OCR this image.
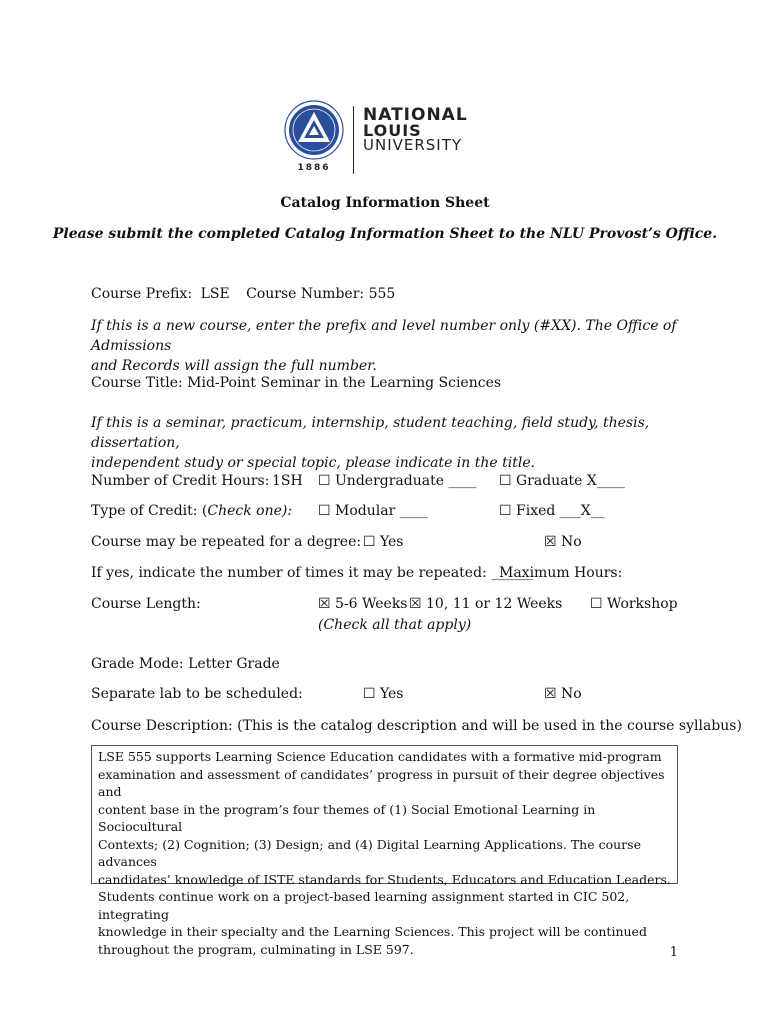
1886
NATIONAL
LOUIS
UNIVERSITY
Catalog Information Sheet
Please submit the completed Catalog Information Sheet to the NLU Provost’s Office.
Course Prefix: LSE Course Number: 555
If this is a new course, enter the prefix and level number only (#XX). The Office of Admissions
and Records will assign the full number.
Course Title: Mid-Point Seminar in the Learning Sciences
If this is a seminar, practicum, internship, student teaching, field study, thesis, dissertation,
independent study or special topic, please indicate in the title.
Number of Credit Hours: 1SH ☐ Undergraduate ____ ☐ Graduate X____
Type of Credit: (Check one): ☐ Modular ____	☐ Fixed ___X__
Course may be repeated for a degree: ☐ Yes	☒ No
If yes, indicate the number of times it may be repeated: ______
Maximum Hours:
Course Length:	☒ 5-6 Weeks ☒ 10, 11 or 12 Weeks ☐ Workshop
(Check all that apply)
Grade Mode: Letter Grade
Separate lab to be scheduled:	☐ Yes	☒ No
Course Description: (This is the catalog description and will be used in the course syllabus)
LSE 555 supports Learning Science Education candidates with a formative mid-program
examination and assessment of candidates’ progress in pursuit of their degree objectives and
content base in the program’s four themes of (1) Social Emotional Learning in Sociocultural
Contexts; (2) Cognition; (3) Design; and (4) Digital Learning Applications. The course advances
candidates’ knowledge of ISTE standards for Students, Educators and Education Leaders.
Students continue work on a project-based learning assignment started in CIC 502, integrating
knowledge in their specialty and the Learning Sciences. This project will be continued
throughout the program, culminating in LSE 597.	1
